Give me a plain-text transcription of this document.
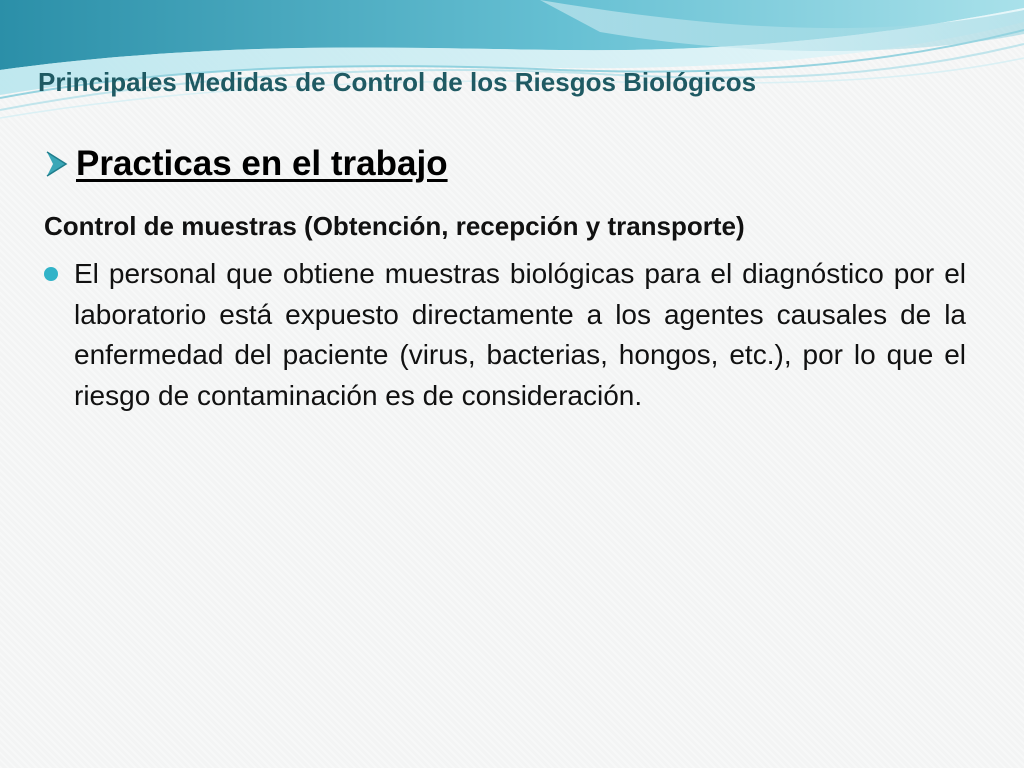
Principales Medidas de Control de los Riesgos Biológicos
Practicas en el trabajo

Control de muestras (Obtención, recepción y transporte)

El personal que obtiene muestras biológicas para el diagnóstico por el laboratorio está expuesto directamente a los agentes causales de la enfermedad del paciente (virus, bacterias, hongos, etc.), por lo que el riesgo de contaminación es de consideración.
